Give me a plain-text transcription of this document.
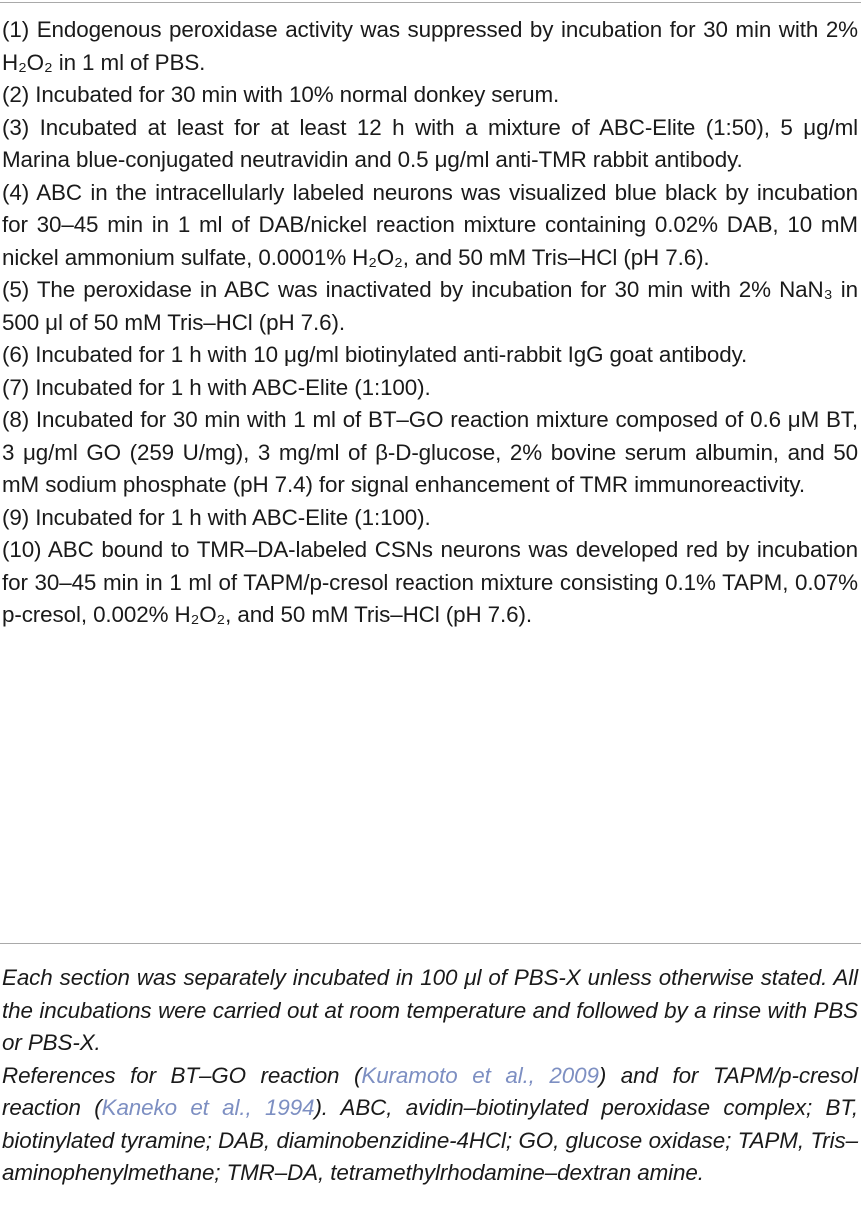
(1) Endogenous peroxidase activity was suppressed by incubation for 30 min with 2% H₂O₂ in 1 ml of PBS.

(2) Incubated for 30 min with 10% normal donkey serum.

(3) Incubated at least for at least 12 h with a mixture of ABC-Elite (1:50), 5 μg/ml Marina blue-conjugated neutravidin and 0.5 μg/ml anti-TMR rabbit antibody.

(4) ABC in the intracellularly labeled neurons was visualized blue black by incubation for 30–45 min in 1 ml of DAB/nickel reaction mixture containing 0.02% DAB, 10 mM nickel ammonium sulfate, 0.0001% H₂O₂, and 50 mM Tris–HCl (pH 7.6).

(5) The peroxidase in ABC was inactivated by incubation for 30 min with 2% NaN₃ in 500 μl of 50 mM Tris–HCl (pH 7.6).

(6) Incubated for 1 h with 10 μg/ml biotinylated anti-rabbit IgG goat antibody.

(7) Incubated for 1 h with ABC-Elite (1:100).

(8) Incubated for 30 min with 1 ml of BT–GO reaction mixture composed of 0.6 μM BT, 3 μg/ml GO (259 U/mg), 3 mg/ml of β-D-glucose, 2% bovine serum albumin, and 50 mM sodium phosphate (pH 7.4) for signal enhancement of TMR immunoreactivity.

(9) Incubated for 1 h with ABC-Elite (1:100).

(10) ABC bound to TMR–DA-labeled CSNs neurons was developed red by incubation for 30–45 min in 1 ml of TAPM/p-cresol reaction mixture consisting 0.1% TAPM, 0.07% p-cresol, 0.002% H₂O₂, and 50 mM Tris–HCl (pH 7.6).

Each section was separately incubated in 100 μl of PBS-X unless otherwise stated. All the incubations were carried out at room temperature and followed by a rinse with PBS or PBS-X.

References for BT–GO reaction (Kuramoto et al., 2009) and for TAPM/p-cresol reaction (Kaneko et al., 1994). ABC, avidin–biotinylated peroxidase complex; BT, biotinylated tyramine; DAB, diaminobenzidine-4HCl; GO, glucose oxidase; TAPM, Tris–aminophenylmethane; TMR–DA, tetramethylrhodamine–dextran amine.
